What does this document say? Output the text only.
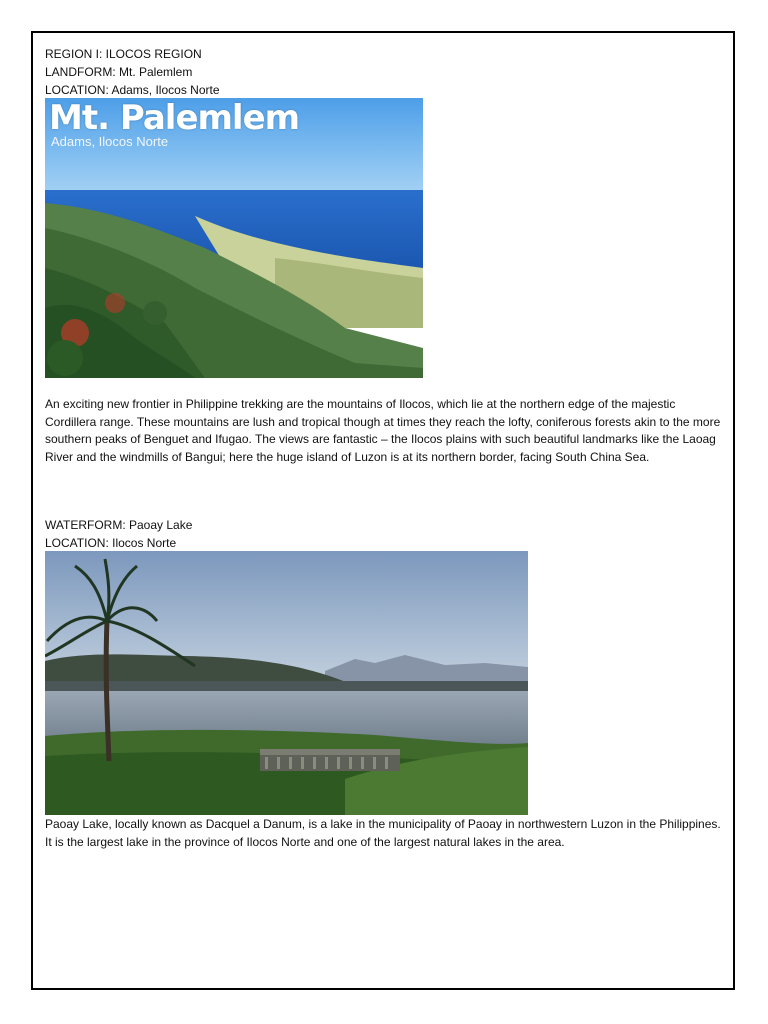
REGION I: ILOCOS REGION
LANDFORM: Mt. Palemlem
LOCATION: Adams, Ilocos Norte
Mt. Palemlem
Adams, Ilocos Norte

An exciting new frontier in Philippine trekking are the mountains of Ilocos, which lie at the northern edge of the majestic Cordillera range. These mountains are lush and tropical though at times they reach the lofty, coniferous forests akin to the more southern peaks of Benguet and Ifugao. The views are fantastic – the Ilocos plains with such beautiful landmarks like the Laoag River and the windmills of Bangui; here the huge island of Luzon is at its northern border, facing South China Sea.

WATERFORM: Paoay Lake
LOCATION: Ilocos Norte

Paoay Lake, locally known as Dacquel a Danum, is a lake in the municipality of Paoay in northwestern Luzon in the Philippines. It is the largest lake in the province of Ilocos Norte and one of the largest natural lakes in the area.
